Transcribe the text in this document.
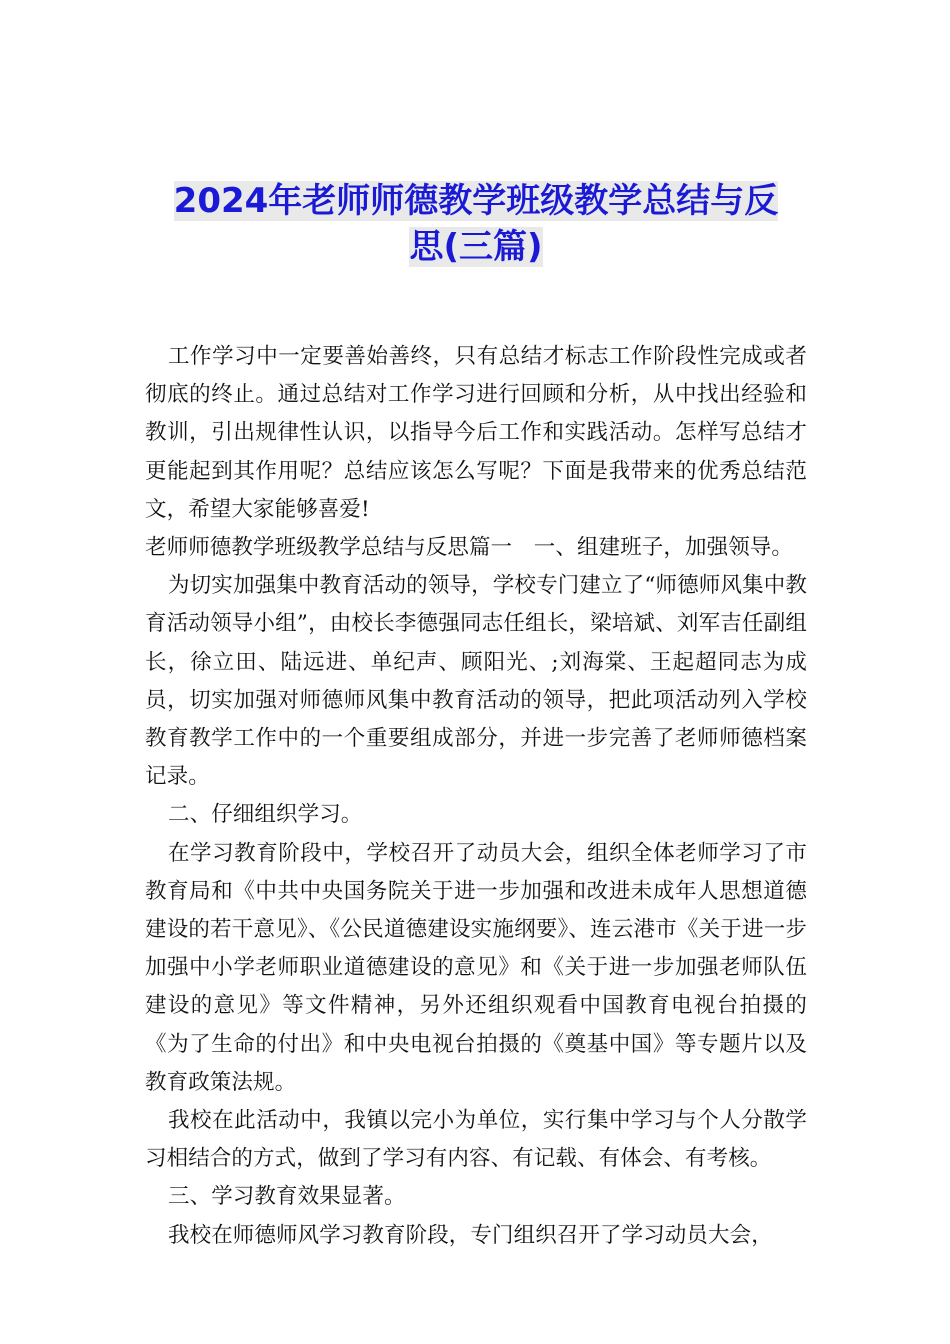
2024年老师师德教学班级教学总结与反
思(三篇)

工作学习中一定要善始善终，只有总结才标志工作阶段性完成或者彻底的终止。通过总结对工作学习进行回顾和分析，从中找出经验和教训，引出规律性认识，以指导今后工作和实践活动。怎样写总结才更能起到其作用呢？总结应该怎么写呢？下面是我带来的优秀总结范文，希望大家能够喜爱!

老师师德教学班级教学总结与反思篇一　一、组建班子，加强领导。

为切实加强集中教育活动的领导，学校专门建立了“师德师风集中教育活动领导小组”，由校长李德强同志任组长，梁培斌、刘军吉任副组长，徐立田、陆远进、单纪声、顾阳光、;刘海棠、王起超同志为成员，切实加强对师德师风集中教育活动的领导，把此项活动列入学校教育教学工作中的一个重要组成部分，并进一步完善了老师师德档案记录。

二、仔细组织学习。

在学习教育阶段中，学校召开了动员大会，组织全体老师学习了市教育局和《中共中央国务院关于进一步加强和改进未成年人思想道德建设的若干意见》、《公民道德建设实施纲要》、连云港市《关于进一步加强中小学老师职业道德建设的意见》和《关于进一步加强老师队伍建设的意见》等文件精神，另外还组织观看中国教育电视台拍摄的《为了生命的付出》和中央电视台拍摄的《奠基中国》等专题片以及教育政策法规。

我校在此活动中，我镇以完小为单位，实行集中学习与个人分散学习相结合的方式，做到了学习有内容、有记载、有体会、有考核。

三、学习教育效果显著。

我校在师德师风学习教育阶段，专门组织召开了学习动员大会，
